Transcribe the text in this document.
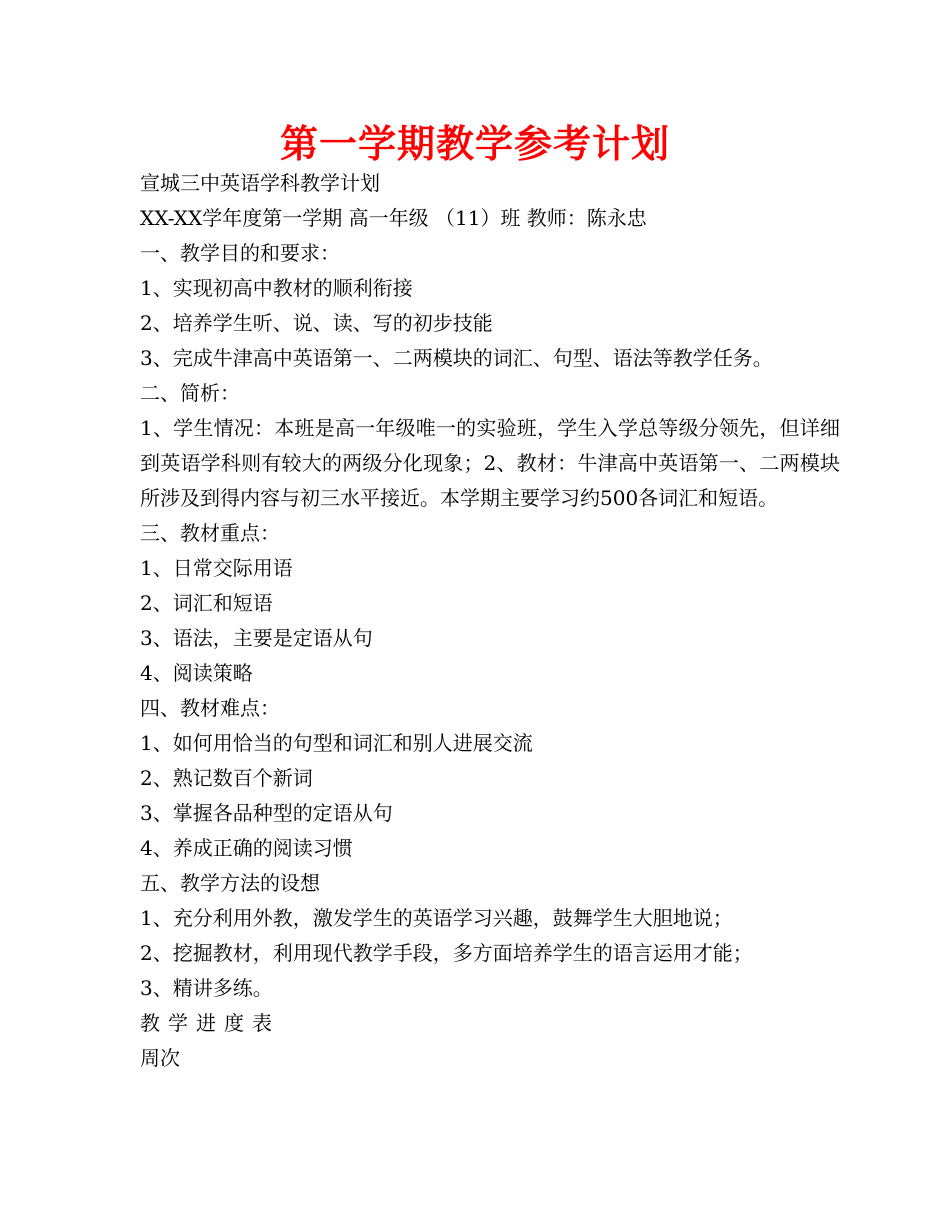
第一学期教学参考计划
宣城三中英语学科教学计划
XX-XX学年度第一学期 高一年级 （11）班 教师：陈永忠
一、教学目的和要求：
1、实现初高中教材的顺利衔接
2、培养学生听、说、读、写的初步技能
3、完成牛津高中英语第一、二两模块的词汇、句型、语法等教学任务。
二、简析：
1、学生情况：本班是高一年级唯一的实验班，学生入学总等级分领先，但详细到英语学科则有较大的两级分化现象；2、教材：牛津高中英语第一、二两模块所涉及到得内容与初三水平接近。本学期主要学习约500各词汇和短语。
三、教材重点：
1、日常交际用语
2、词汇和短语
3、语法，主要是定语从句
4、阅读策略
四、教材难点：
1、如何用恰当的句型和词汇和别人进展交流
2、熟记数百个新词
3、掌握各品种型的定语从句
4、养成正确的阅读习惯
五、教学方法的设想
1、充分利用外教，激发学生的英语学习兴趣，鼓舞学生大胆地说；
2、挖掘教材，利用现代教学手段，多方面培养学生的语言运用才能；
3、精讲多练。
教学进度表
周次
